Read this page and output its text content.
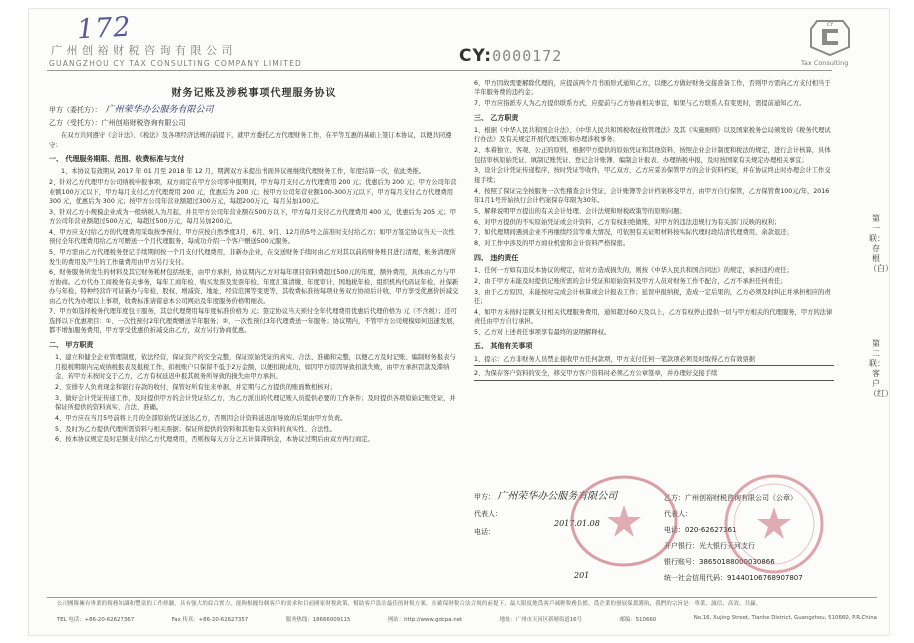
172
广州创裕财税咨询有限公司
GUANGZHOU CY TAX CONSULTING COMPANY LIMITED	CY:0000172
CY
Tax Consulting
财务记账及涉税事项代理服务协议
甲方（委托方）： 广州荣华办公服务有限公司
乙方（受托方）：广州创裕财税咨询有限公司
在双方共同遵守《会计法》、《税法》及各项经济法规的前提下，就甲方委托乙方代理财务工作，在平等互惠的基础上签订本协议，以便共同遵守：
一、 代理服务期限、范围、收费标准与支付
1、本协议有效期从 2017 年 01 月至 2018 年 12 月，期满双方未提出书面异议视继续代理财务工作，年度结算一次，依此类推。
2、针对乙方代理甲方公司纳税申报事项，双方商定在甲方公司零申报期间，甲方每月支付乙方代理费用 200 元；优惠后为 200 元；甲方公司年营业额100万元以下，甲方每月支付乙方代理费用 200 元，优惠后为 200 元；按甲方公司年营业额100-300万元以下，甲方每月支付乙方代理费用 300 元，优惠后为 300 元；按甲方公司年营业额超过300万元，每超200万元，每月另加100元。
3、针对乙方小规模企业成为一般纳税人为月起，并且甲方公司年营业额在500万以下，甲方每月支付乙方代理费用 400 元，优惠后为 205 元；甲方公司年营业额超过500万元，每超过500万元，每月另加200元。
4、甲方应支付给乙方的代理费用采取按季预付，甲方应按自然季度3月、6月、9月、12月的5号之前准时支付给乙方；如甲方签定协议当天一次性预付全年代理费用给乙方可赠送一个月代理服务，每成功介绍一个客户赠送500元服务。
5、甲方需由乙方代理税务登记手续期间按一个月支付代理费用，非新办企业，在交送财务手续时由乙方对其以前的财务账目进行清理，帐务清理所发生的费用及产生的工作量费用由甲方另行支付。
6、财务服务所发生的材料及其它财务耗材包括纸张，由甲方承担，协议期内乙方对每年项目资料费超过500元的年度，额外费用，具体由乙方与甲方协商。乙方代办工商税务有关事务，每年工商年检、购买发票及发票年检、年度汇算清缴、年度审计、国地税年检、组织机构代码证年检、社保新办与年检，特种经营许可证新办与年检、股权、增减资、地址、经营范围等变更等，其收费标准按每项业务双方协商后计收，甲方享受优惠价折减交由乙方代为办理以上事项，收费标准请留意本公司网站及年度服务价格明细表。
7、甲方如选择税务代理年度包干服务，其总代理费用每年度标准价格为 元；签定协议当天预付全年代理费用优惠后代理价格为 元（不含税）；还可选择以下优惠项目：①、一次性预付2年代理费赠送半年服务；②、一次性预付3年代理费送一年服务；协议期内，不管甲方公司规模如何迅速发展，都不增加服务费用，甲方享受优惠价折减交由乙方，双方另行协商优惠。
二、 甲方职责
1、建立和健全企业管理制度，依法经营，保证资产的安全完整，保证原始凭证的真实、合法、准确和完整，以便乙方及时记账、编制财务报表与月报税期限内完成纳税报表及报税工作，扣税账户只保留不低于2万金额，以便扣税成功，如因甲方原因导致扣款失败，由甲方承担罚款及滞纳金，若甲方未按时交于乙方，乙方有权延迟申报其税务所导致的损失由甲方承担。
2、安排专人负责现金和银行存款的收付，保管好所有往来单据，并定期与乙方提供的账面数相核对；
3、做好会计凭证传递工作，及时提供甲方的会计凭证给乙方，为乙方派出的代理记账人员提供必要的工作条件；及时提供各项原始记账凭证，并保证所提供的资料真实、合法、准确。
4、甲方应在当月5号前将上月的全部原始凭证送达乙方，否则因会计资料延迟而导致的后果由甲方负责。
5、及时为乙方提供代理所需资料与相关票据；保证所提供的资料和其他有关资料的真实性、合法性。
6、按本协议规定及时足额支付给乙方代理费用，否则按每天万分之五计算滞纳金，本协议过期后由双方再行商定。
6、甲方因故需要解除代理的，应提前两个月书面形式通知乙方，以便乙方做好财务交接准备工作，否则甲方需向乙方支付相当于半年服务费的违约金；
7、甲方应指派专人为乙方提供联系方式，应提前与乙方协商相关事宜，如果与乙方联系人有变更时，需提前通知乙方。
三、 乙方职责
1、根据《中华人民共和国会计法》、《中华人民共和国税收征收管理法》及其《实施细则》以及国家税务总局颁发的《税务代理试行办法》及有关规定开展代理记账和办理涉税事务；
2、本着独立、客观、公正的原则，根据甲方提供的原始凭证和其他资料，按照企业会计制度和税法的规定，进行会计核算，具体包括审核原始凭证、填制记账凭证、登记会计账簿、编制会计报表、办理纳税申报，及时按国家有关规定办理相关事宜；
3、设计会计凭证传递程序，按时凭证等收件，甲乙双方，乙方应妥善保管甲方的会计资料档案，并在协议终止时办理会计工作交接手续；
4、按照了保证完全按服务一次性稽查会计凭证，会计账簿等会计档案移交甲方，由甲方自行保管，乙方保管费100元/年，2016年1月1号开始执行会计档案保存年限为30年。
5、解释说明甲方提出的有关会计处理、会计法规和财税政策等的原则问题；
6、对甲方提供的不实原始凭证或会计资料，乙方有权拒绝做账，对甲方的违法违规行为有关部门反映的权利；
7、如代理期间遇到企业不再继续经营等重大情况，可依照有关证明材料按实际代理时段结清代理费用，余款退还；
8、对工作中涉及的甲方商业机密和会计资料严格保密。
四、 违约责任
1、任何一方如有违反本协议的规定，给对方造成损失的，则按《中华人民共和国合同法》的规定，承担违约责任；
2、由于甲方未能及时提供记账所需的会计凭证和原始资料及甲方人员对财务工作不配合，乙方不承担任何责任；
3、由于乙方原因，未能按时完成会计核算或会计报表工作；延误申报纳税，造成一定后果的，乙方必须及时纠正并承担相应的责任；
4、如甲方未按时足额支付相关代理服务费用，通知超过60天及以上，乙方有权停止提供一切与甲方相关的代理服务，甲方的法律责任由甲方自行承担。
5、乙方对上述责任事项享有最终的说明解释权。
五、 其他有关事项
1、提示：乙方非财务人员禁止接收甲方任何款项，甲方支付任何一笔款项必须及时取得乙方有效票据
2、为保存客户资料的安全，移交甲方客户资料时必须乙方公章签章，并办理好交接手续
甲方： 广州荣华办公服务有限公司
代表人：
电话：
2017.01.08
201
乙方：广州创裕财税咨询有限公司（公章）
代表人：
电话：020-62627361
开户银行：光大银行天河支行
银行账号：38650188000030866
统一社会信用代码：91440106768907807
第一联：存根（白）
第二联：客户（红）
公司團隊擁有專業的稅務知識和豐富的工作經驗，具有強大的綜合實力，能夠根據每個客戶的需求和目前國家財稅政策，幫助客戶設計最佳的財稅方案，在確保財稅合法合規的前提下，最大限度地爲客戶減輕稅務負擔，爲企業的發展保駕護航，我們的宗旨是：專業、誠信、高效、共贏。
TEL 电话：+86-20-62627367	Fax 传真：+86-20-62627357	服务热线：18666009115	网站：http://www.gdcpa.net	地址：广州市天河区新塘街道16号	邮编：510660	No.16, Xujing Street, Tianhe District, Guangzhou, 510660, P.R.China
